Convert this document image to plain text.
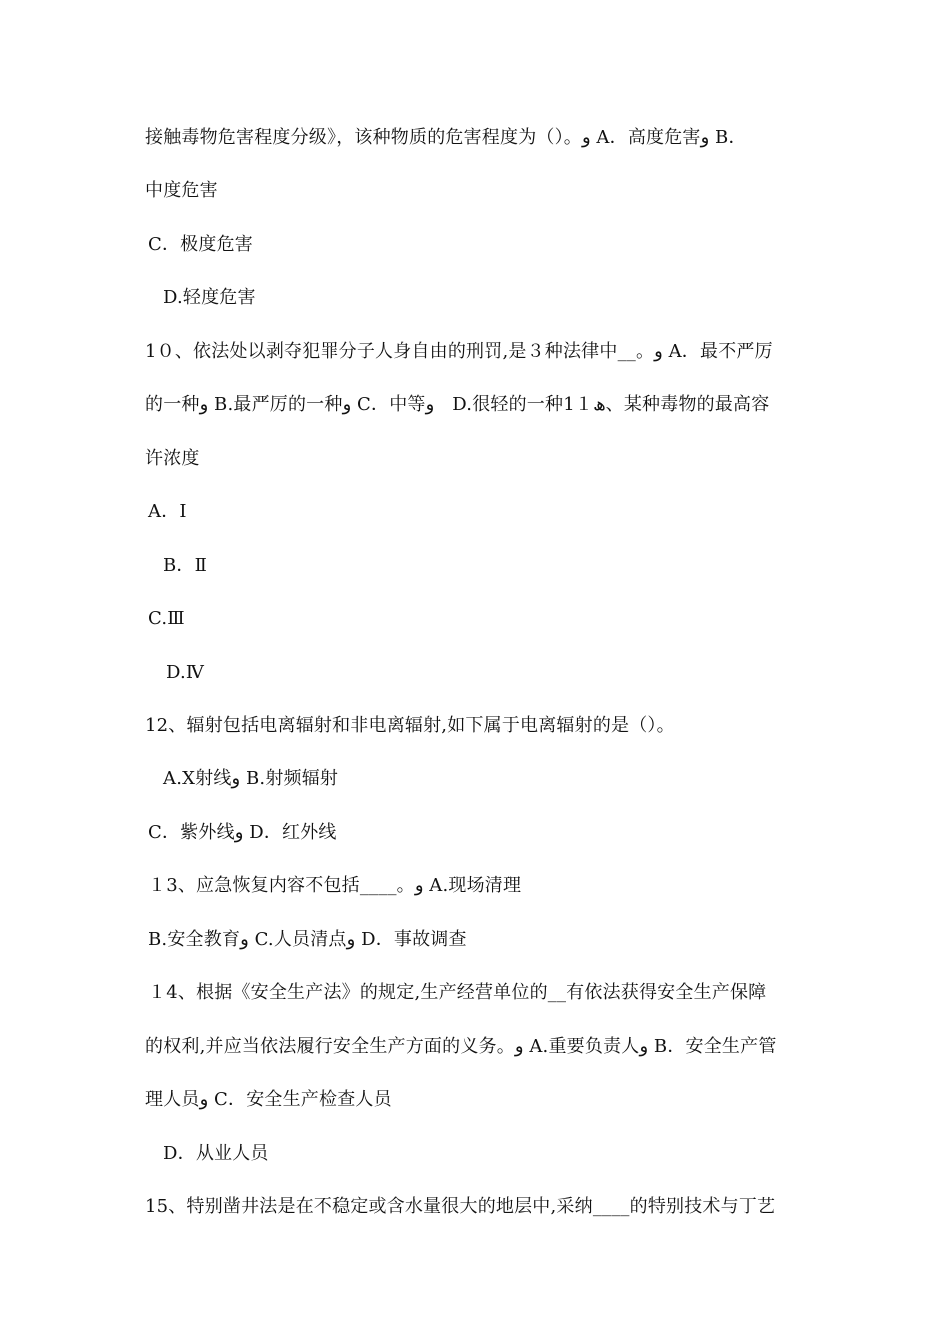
接触毒物危害程度分级》，该种物质的危害程度为（）。و A．高度危害و B．
中度危害
C．极度危害
D.轻度危害
1０、依法处以剥夺犯罪分子人身自由的刑罚,是３种法律中__。و A．最不严厉
的一种و B.最严厉的一种و C．中等و　D.很轻的一种1１ھ、某种毒物的最高容
许浓度
A．Ⅰ
B．Ⅱ
C.Ⅲ
D.Ⅳ
12、辐射包括电离辐射和非电离辐射,如下属于电离辐射的是（）。
A.X射线و B.射频辐射
C．紫外线و D．红外线
１3、应急恢复内容不包括____。و A.现场清理
B.安全教育و C.人员清点و D．事故调查
１4、根据《安全生产法》的规定,生产经营单位的__有依法获得安全生产保障
的权利,并应当依法履行安全生产方面的义务。و A.重要负责人و B．安全生产管
理人员و C．安全生产检查人员
D．从业人员
15、特别凿井法是在不稳定或含水量很大的地层中,采纳____的特别技术与丁艺
